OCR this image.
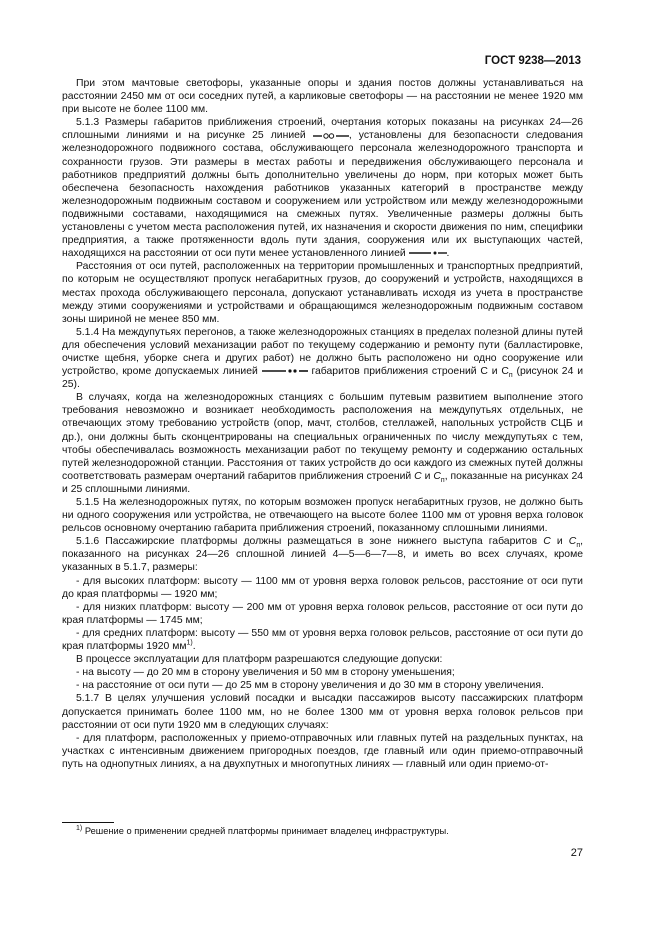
ГОСТ 9238—2013

При этом мачтовые светофоры, указанные опоры и здания постов должны устанавливаться на расстоянии 2450 мм от оси соседних путей, а карликовые светофоры — на расстоянии не менее 1920 мм при высоте не более 1100 мм.

5.1.3 Размеры габаритов приближения строений, очертания которых показаны на рисунках 24—26 сплошными линиями и на рисунке 25 линией	, установлены для безопасности следования железнодорожного подвижного состава, обслуживающего персонала железнодорожного транспорта и сохранности грузов. Эти размеры в местах работы и передвижения обслуживающего персонала и работников предприятий должны быть дополнительно увеличены до норм, при которых может быть обеспечена безопасность нахождения работников указанных категорий в пространстве между железнодорожным подвижным составом и сооружением или устройством или между железнодорожными подвижными составами, находящимися на смежных путях. Увеличенные размеры должны быть установлены с учетом места расположения путей, их назначения и скорости движения по ним, специфики предприятия, а также протяженности вдоль пути здания, сооружения или их выступающих частей, находящихся на расстоянии от оси пути менее установленного линией	.

Расстояния от оси путей, расположенных на территории промышленных и транспортных предприятий, по которым не осуществляют пропуск негабаритных грузов, до сооружений и устройств, находящихся в местах прохода обслуживающего персонала, допускают устанавливать исходя из учета в пространстве между этими сооружениями и устройствами и обращающимся железнодорожным подвижным составом зоны шириной не менее 850 мм.

5.1.4 На междупутьях перегонов, а также железнодорожных станциях в пределах полезной длины путей для обеспечения условий механизации работ по текущему содержанию и ремонту пути (балластировке, очистке щебня, уборке снега и других работ) не должно быть расположено ни одно сооружение или устройство, кроме допускаемых линией	габаритов приближения строений С и $С_п$ (рисунок 24 и 25).

В случаях, когда на железнодорожных станциях с большим путевым развитием выполнение этого требования невозможно и возникает необходимость расположения на междупутьях отдельных, не отвечающих этому требованию устройств (опор, мачт, столбов, стеллажей, напольных устройств СЦБ и др.), они должны быть сконцентрированы на специальных ограниченных по числу междупутьях с тем, чтобы обеспечивалась возможность механизации работ по текущему ремонту и содержанию остальных путей железнодорожной станции. Расстояния от таких устройств до оси каждого из смежных путей должны соответствовать размерам очертаний габаритов приближения строений С и $С_п$, показанные на рисунках 24 и 25 сплошными линиями.

5.1.5 На железнодорожных путях, по которым возможен пропуск негабаритных грузов, не должно быть ни одного сооружения или устройства, не отвечающего на высоте более 1100 мм от уровня верха головок рельсов основному очертанию габарита приближения строений, показанному сплошными линиями.

5.1.6 Пассажирские платформы должны размещаться в зоне нижнего выступа габаритов С и $С_п$, показанного на рисунках 24—26 сплошной линией 4—5—6—7—8, и иметь во всех случаях, кроме указанных в 5.1.7, размеры:

- для высоких платформ: высоту — 1100 мм от уровня верха головок рельсов, расстояние от оси пути до края платформы — 1920 мм;

- для низких платформ: высоту — 200 мм от уровня верха головок рельсов, расстояние от оси пути до края платформы — 1745 мм;

- для средних платформ: высоту — 550 мм от уровня верха головок рельсов, расстояние от оси пути до края платформы 1920 $мм^{1)}$.

В процессе эксплуатации для платформ разрешаются следующие допуски:

- на высоту — до 20 мм в сторону увеличения и 50 мм в сторону уменьшения;

- на расстояние от оси пути — до 25 мм в сторону увеличения и до 30 мм в сторону увеличения.

5.1.7 В целях улучшения условий посадки и высадки пассажиров высоту пассажирских платформ допускается принимать более 1100 мм, но не более 1300 мм от уровня верха головок рельсов при расстоянии от оси пути 1920 мм в следующих случаях:

- для платформ, расположенных у приемо-отправочных или главных путей на раздельных пунктах, на участках с интенсивным движением пригородных поездов, где главный или один приемо-отправочный путь на однопутных линиях, а на двухпутных и многопутных линиях — главный или один приемо-от-

$^{1)}$ Решение о применении средней платформы принимает владелец инфраструктуры.
27
